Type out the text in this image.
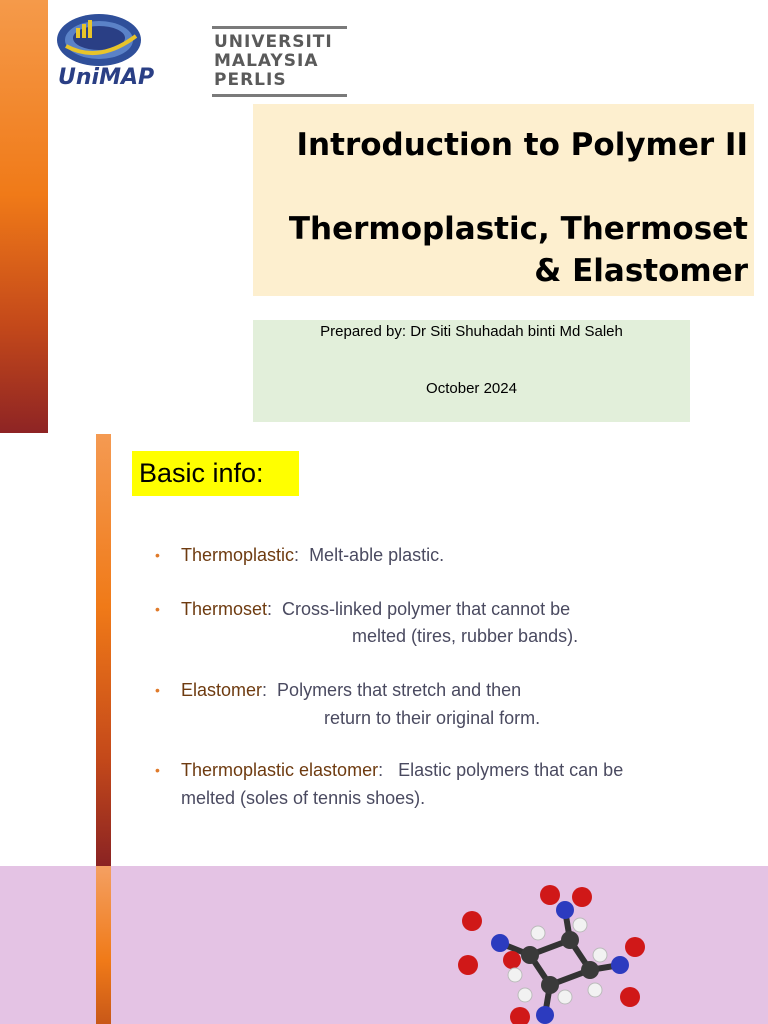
UniMAP
UNIVERSITI
MALAYSIA
PERLIS
Introduction to Polymer II
Thermoplastic, Thermoset
& Elastomer
Prepared by: Dr Siti Shuhadah binti Md Saleh
October 2024
Basic info:
• Thermoplastic:  Melt-able plastic.
• Thermoset:  Cross-linked polymer that cannot be
melted (tires, rubber bands).
• Elastomer:  Polymers that stretch and then
return to their original form.
• Thermoplastic elastomer:   Elastic polymers that can be
melted (soles of tennis shoes).
